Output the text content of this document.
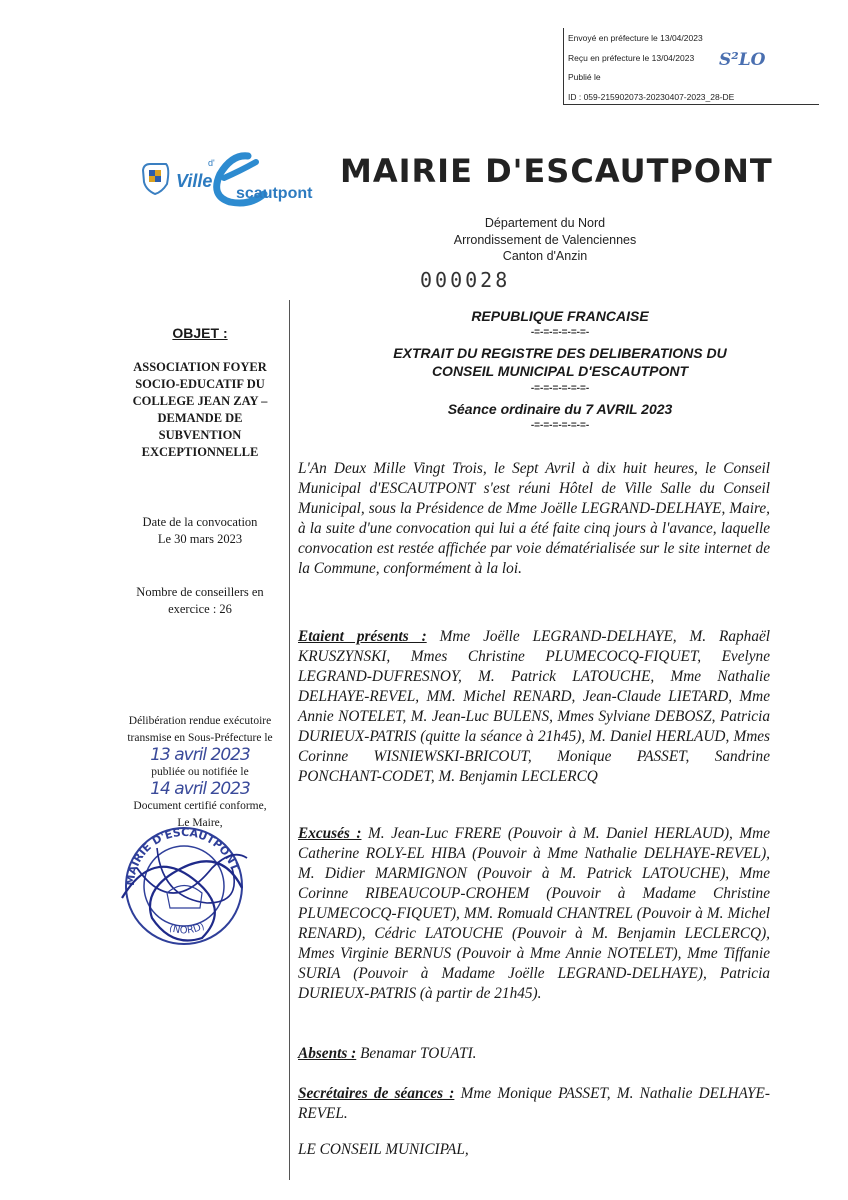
Envoyé en préfecture le 13/04/2023
Reçu en préfecture le 13/04/2023
Publié le
ID : 059-215902073-20230407-2023_28-DE
S²LO
Ville
d'
scautpont
MAIRIE D'ESCAUTPONT
Département du Nord
Arrondissement de Valenciennes
Canton d'Anzin
000028
REPUBLIQUE FRANCAISE
-=-=-=-=-=-=-
EXTRAIT DU REGISTRE DES DELIBERATIONS DU
CONSEIL MUNICIPAL D'ESCAUTPONT
-=-=-=-=-=-=-
Séance ordinaire du 7 AVRIL 2023
-=-=-=-=-=-=-
OBJET :
ASSOCIATION FOYER
SOCIO-EDUCATIF DU
COLLEGE JEAN ZAY –
DEMANDE DE
SUBVENTION
EXCEPTIONNELLE
Date de la convocation
Le 30 mars 2023
Nombre de conseillers en
exercice : 26
Délibération rendue exécutoire
transmise en Sous-Préfecture le
13 avril 2023
publiée ou notifiée le
14 avril 2023
Document certifié conforme,
Le Maire,
MAIRIE D'ESCAUTPONT
(NORD)
L'An Deux Mille Vingt Trois, le Sept Avril à dix huit heures, le Conseil Municipal d'ESCAUTPONT s'est réuni Hôtel de Ville Salle du Conseil Municipal, sous la Présidence de Mme Joëlle LEGRAND-DELHAYE, Maire, à la suite d'une convocation qui lui a été faite cinq jours à l'avance, laquelle convocation est restée affichée par voie dématérialisée sur le site internet de la Commune, conformément à la loi.
Etaient présents : Mme Joëlle LEGRAND-DELHAYE, M. Raphaël KRUSZYNSKI, Mmes Christine PLUMECOCQ-FIQUET, Evelyne LEGRAND-DUFRESNOY, M. Patrick LATOUCHE, Mme Nathalie DELHAYE-REVEL, MM. Michel RENARD, Jean-Claude LIETARD, Mme Annie NOTELET, M. Jean-Luc BULENS, Mmes Sylviane DEBOSZ, Patricia DURIEUX-PATRIS (quitte la séance à 21h45), M. Daniel HERLAUD, Mmes Corinne WISNIEWSKI-BRICOUT, Monique PASSET, Sandrine PONCHANT-CODET, M. Benjamin LECLERCQ
Excusés : M. Jean-Luc FRERE (Pouvoir à M. Daniel HERLAUD), Mme Catherine ROLY-EL HIBA (Pouvoir à Mme Nathalie DELHAYE-REVEL), M. Didier MARMIGNON (Pouvoir à M. Patrick LATOUCHE), Mme Corinne RIBEAUCOUP-CROHEM (Pouvoir à Madame Christine PLUMECOCQ-FIQUET), MM. Romuald CHANTREL (Pouvoir à M. Michel RENARD), Cédric LATOUCHE (Pouvoir à M. Benjamin LECLERCQ), Mmes Virginie BERNUS (Pouvoir à Mme Annie NOTELET), Mme Tiffanie SURIA (Pouvoir à Madame Joëlle LEGRAND-DELHAYE), Patricia DURIEUX-PATRIS (à partir de 21h45).
Absents : Benamar TOUATI.
Secrétaires de séances : Mme Monique PASSET, M. Nathalie DELHAYE-REVEL.
LE CONSEIL MUNICIPAL,
